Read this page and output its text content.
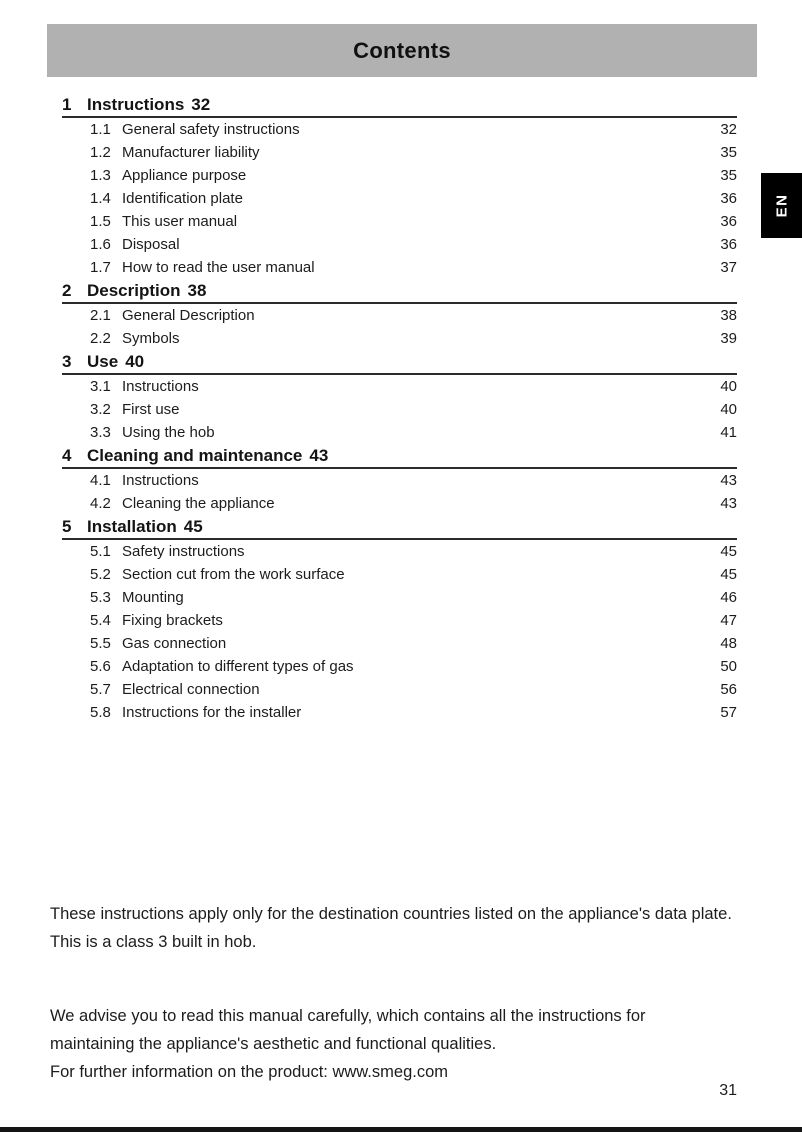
Contents
EN
1 Instructions 32
1.1 General safety instructions	32
1.2 Manufacturer liability	35
1.3 Appliance purpose	35
1.4 Identification plate	36
1.5 This user manual	36
1.6 Disposal	36
1.7 How to read the user manual	37
2 Description 38
2.1 General Description	38
2.2 Symbols	39
3 Use 40
3.1 Instructions	40
3.2 First use	40
3.3 Using the hob	41
4 Cleaning and maintenance 43
4.1 Instructions	43
4.2 Cleaning the appliance	43
5 Installation 45
5.1 Safety instructions	45
5.2 Section cut from the work surface	45
5.3 Mounting	46
5.4 Fixing brackets	47
5.5 Gas connection	48
5.6 Adaptation to different types of gas	50
5.7 Electrical connection	56
5.8 Instructions for the installer	57
These instructions apply only for the destination countries listed on the appliance's data plate.
This is a class 3 built in hob.
We advise you to read this manual carefully, which contains all the instructions for
maintaining the appliance's aesthetic and functional qualities.
For further information on the product: www.smeg.com
31
